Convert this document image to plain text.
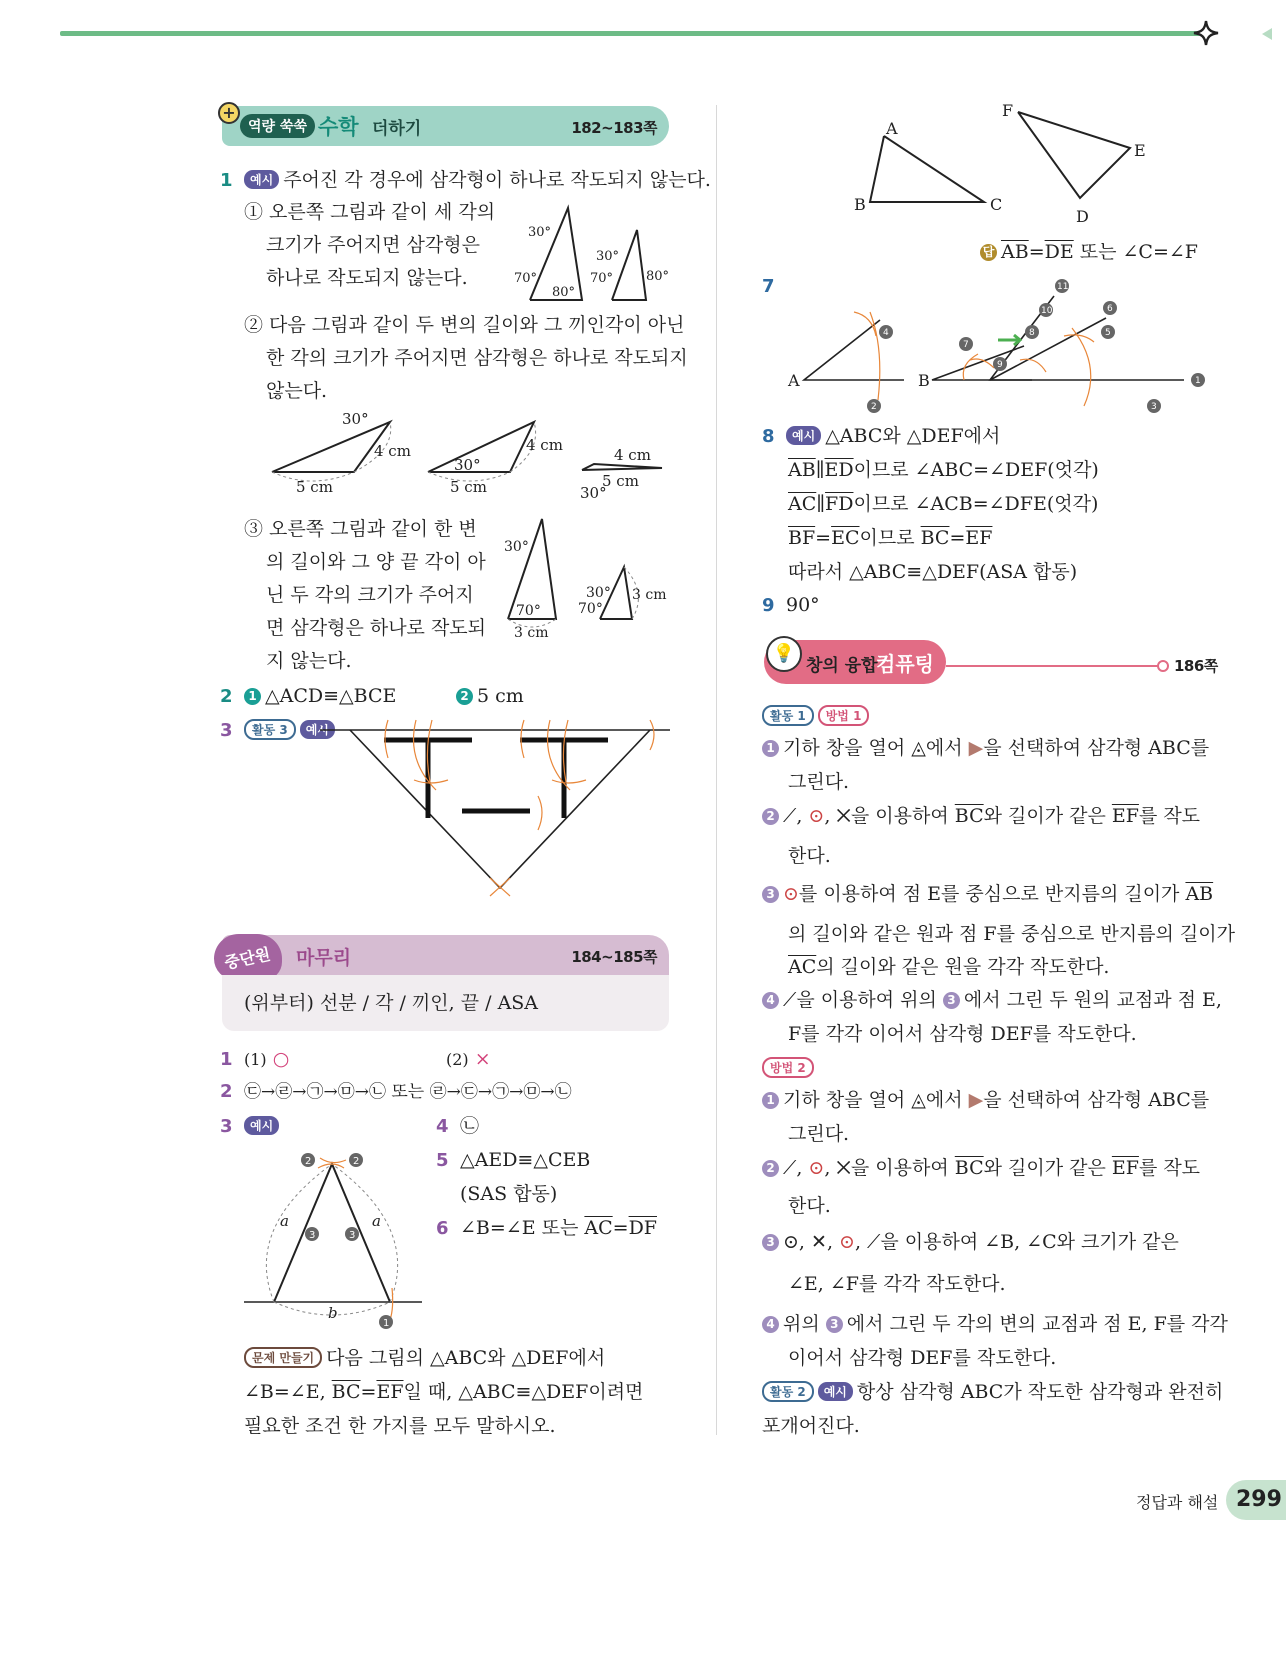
+
역량 쑥쑥 수학 더하기	182~183쪽
1 예시 주어진 각 경우에 삼각형이 하나로 작도되지 않는다.
① 오른쪽 그림과 같이 세 각의
크기가 주어지면 삼각형은
하나로 작도되지 않는다.
30°
70°
80°
30°
70°	80°
② 다음 그림과 같이 두 변의 길이와 그 끼인각이 아닌
한 각의 크기가 주어지면 삼각형은 하나로 작도되지
않는다.
30°
4 cm
5 cm
30°
4 cm
5 cm
4 cm
5 cm
30°
③ 오른쪽 그림과 같이 한 변
의 길이와 그 양 끝 각이 아
닌 두 각의 크기가 주어지
면 삼각형은 하나로 작도되
지 않는다.
30°
70°
3 cm
30°
70°
3 cm
2 1 △ACD≡△BCE	2 5 cm
3 활동 3 예시
마무리	184~185쪽
중단원
(위부터) 선분 / 각 / 끼인, 끝 / ASA
1 (1) ○	(2) ×
2 ㉢→㉣→㉠→㉤→㉡ 또는 ㉣→㉢→㉠→㉤→㉡
3 예시
2	2
3	3
1
a	a
b
4 ㉡
5 △AED≡△CEB
(SAS 합동)
6 ∠B=∠E 또는 $\overline{AC}=\overline{DF}$
문제 만들기 다음 그림의 △ABC와 △DEF에서
∠B=∠E, $\overline{BC}=\overline{EF}$일 때, △ABC≡△DEF이려면
필요한 조건 한 가지를 모두 말하시오.
A
B	C
F
E
D
답 $\overline{AB}=\overline{DE}$ 또는 ∠C=∠F
7
A	B
4
2
7
9
11
10	6
8	5
1
3
8 예시 △ABC와 △DEF에서
$\overline{AB}\parallel\overline{ED}$이므로 ∠ABC=∠DEF(엇각)
$\overline{AC}\parallel\overline{FD}$이므로 ∠ACB=∠DFE(엇각)
$\overline{BF}=\overline{EC}$이므로 $\overline{BC}=\overline{EF}$
따라서 △ABC≡△DEF(ASA 합동)
9 90°
💡
창의 융합
컴퓨팅	186쪽
활동 1 방법 1
1 기하 창을 열어 ◬에서 ▶을 선택하여 삼각형 ABC를
그린다.
2 ⟋, ⊙, ✕을 이용하여 $\overline{BC}$와 길이가 같은 $\overline{EF}$를 작도
한다.
3 ⊙를 이용하여 점 E를 중심으로 반지름의 길이가 $\overline{AB}$
의 길이와 같은 원과 점 F를 중심으로 반지름의 길이가
$\overline{AC}$의 길이와 같은 원을 각각 작도한다.
4 ⟋을 이용하여 위의 3 에서 그린 두 원의 교점과 점 E,
F를 각각 이어서 삼각형 DEF를 작도한다.
방법 2
1 기하 창을 열어 ◬에서 ▶을 선택하여 삼각형 ABC를
그린다.
2 ⟋, ⊙, ✕을 이용하여 $\overline{BC}$와 길이가 같은 $\overline{EF}$를 작도
한다.
3 ⊙, ✕, ⊙, ⟋을 이용하여 ∠B, ∠C와 크기가 같은
∠E, ∠F를 각각 작도한다.
4 위의 3 에서 그린 두 각의 변의 교점과 점 E, F를 각각
이어서 삼각형 DEF를 작도한다.
활동 2 예시 항상 삼각형 ABC가 작도한 삼각형과 완전히
포개어진다.
정답과 해설 299
